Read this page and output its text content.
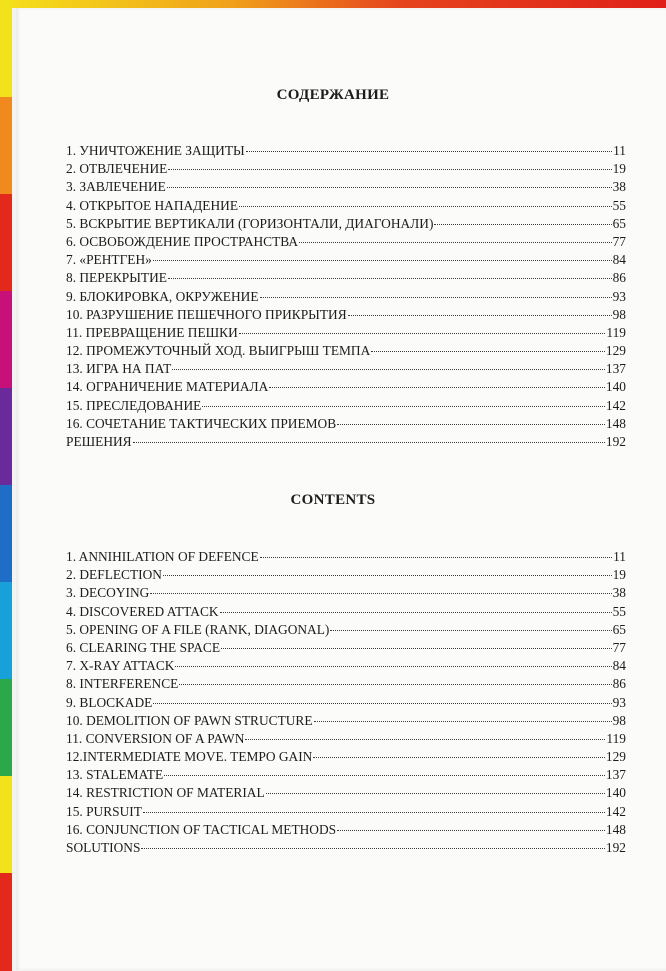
СОДЕРЖАНИЕ
1. УНИЧТОЖЕНИЕ ЗАЩИТЫ	11
2. ОТВЛЕЧЕНИЕ	19
3. ЗАВЛЕЧЕНИЕ	38
4. ОТКРЫТОЕ НАПАДЕНИЕ	55
5. ВСКРЫТИЕ ВЕРТИКАЛИ (ГОРИЗОНТАЛИ, ДИАГОНАЛИ)	65
6. ОСВОБОЖДЕНИЕ ПРОСТРАНСТВА	77
7. «РЕНТГЕН»	84
8. ПЕРЕКРЫТИЕ	86
9. БЛОКИРОВКА, ОКРУЖЕНИЕ	93
10. РАЗРУШЕНИЕ ПЕШЕЧНОГО ПРИКРЫТИЯ	98
11. ПРЕВРАЩЕНИЕ ПЕШКИ	119
12. ПРОМЕЖУТОЧНЫЙ ХОД. ВЫИГРЫШ ТЕМПА	129
13. ИГРА НА ПАТ	137
14. ОГРАНИЧЕНИЕ МАТЕРИАЛА	140
15. ПРЕСЛЕДОВАНИЕ	142
16. СОЧЕТАНИЕ ТАКТИЧЕСКИХ ПРИЕМОВ	148
РЕШЕНИЯ	192
CONTENTS
1. ANNIHILATION OF DEFENCE	11
2. DEFLECTION	19
3. DECOYING	38
4. DISCOVERED ATTACK	55
5. OPENING OF A FILE (RANK, DIAGONAL)	65
6. CLEARING THE SPACE	77
7. X-RAY ATTACK	84
8. INTERFERENCE	86
9. BLOCKADE	93
10. DEMOLITION OF PAWN STRUCTURE	98
11. CONVERSION OF A PAWN	119
12.INTERMEDIATE MOVE. TEMPO GAIN	129
13. STALEMATE	137
14. RESTRICTION OF MATERIAL	140
15. PURSUIT	142
16. CONJUNCTION OF TACTICAL METHODS	148
SOLUTIONS	192
